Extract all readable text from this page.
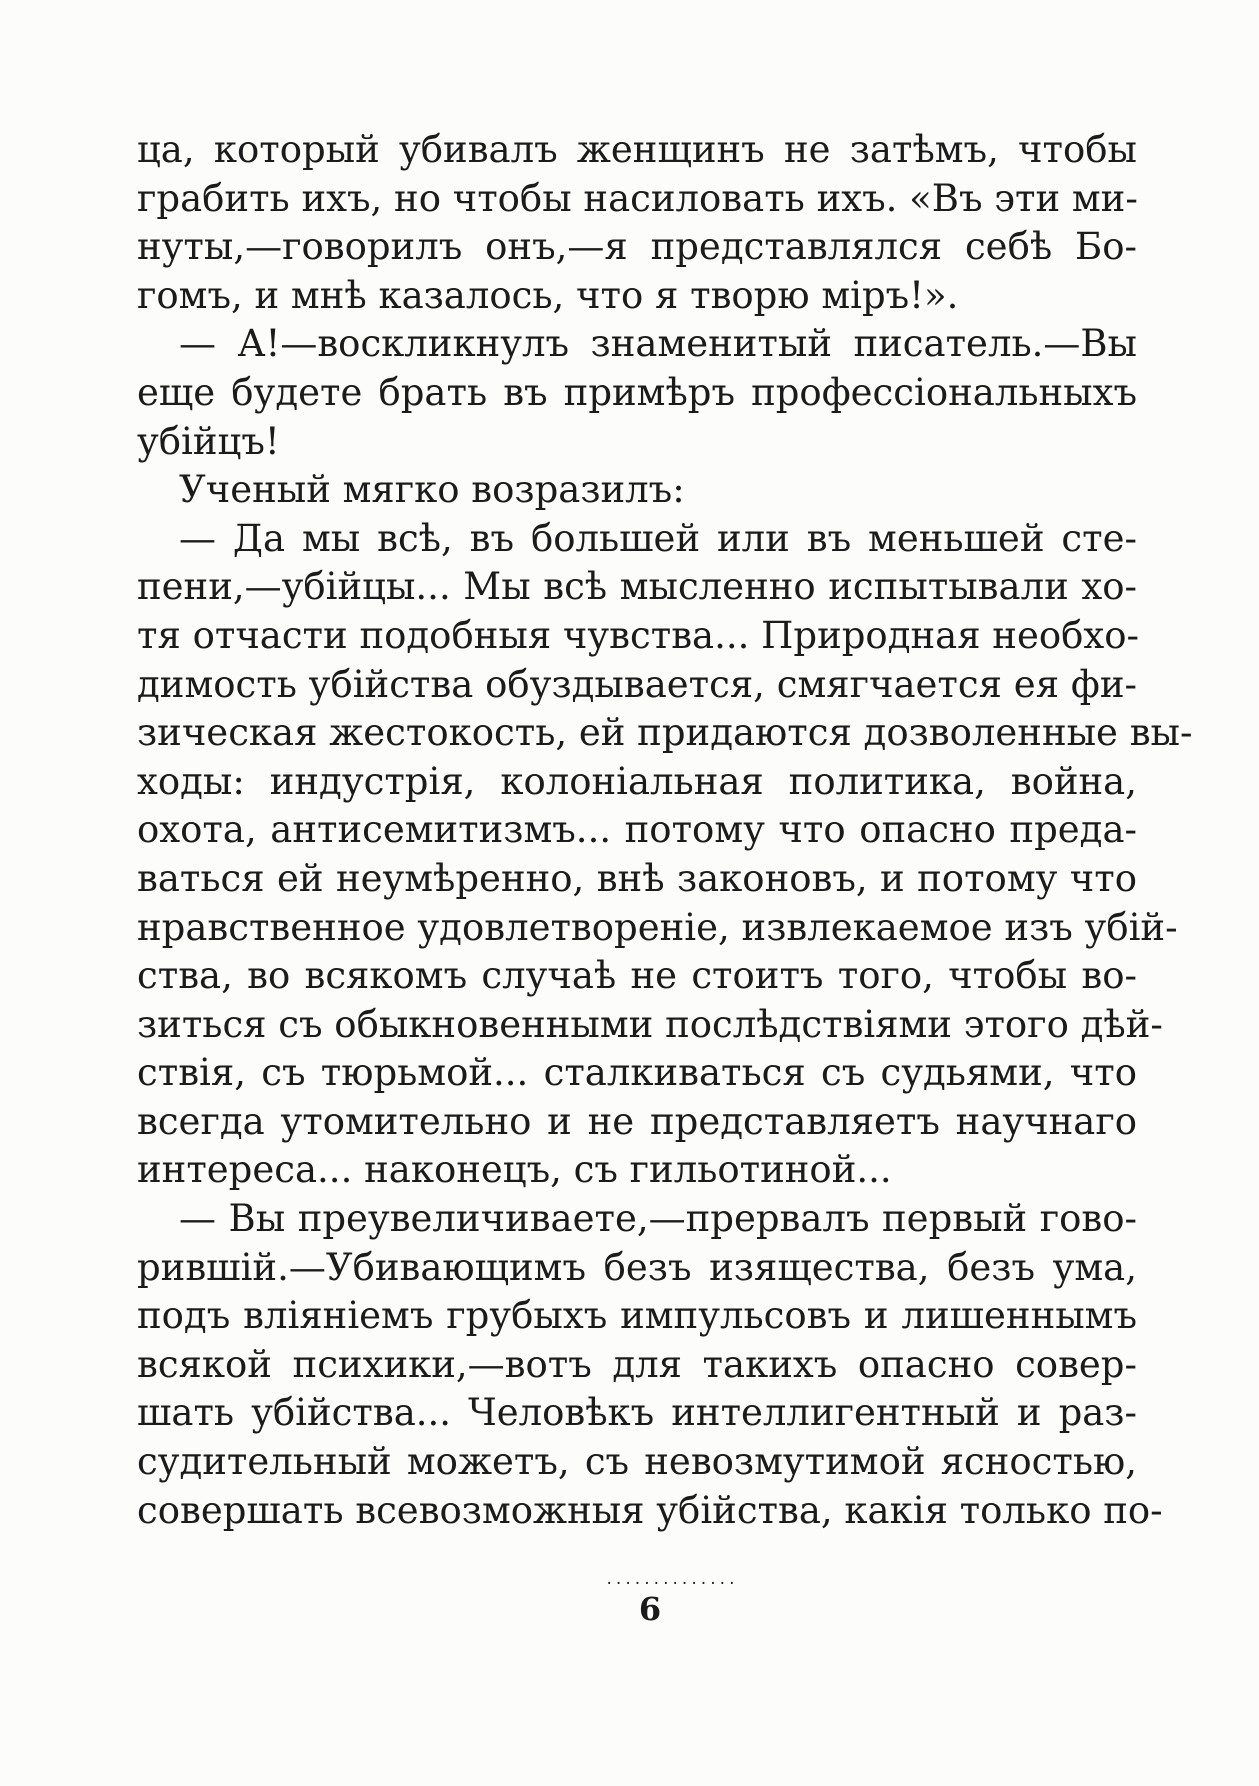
ца, который убивалъ женщинъ не затѣмъ, чтобы
грабить ихъ, но чтобы насиловать ихъ. «Въ эти ми-
нуты,—говорилъ онъ,—я представлялся себѣ Бо-
гомъ, и мнѣ казалось, что я творю міръ!».
— А!—воскликнулъ знаменитый писатель.—Вы
еще будете брать въ примѣръ профессіональныхъ
убійцъ!
Ученый мягко возразилъ:
— Да мы всѣ, въ большей или въ меньшей сте-
пени,—убійцы... Мы всѣ мысленно испытывали хо-
тя отчасти подобныя чувства... Природная необхо-
димость убійства обуздывается, смягчается ея фи-
зическая жестокость, ей придаются дозволенные вы-
ходы: индустрія, колоніальная политика, война,
охота, антисемитизмъ... потому что опасно преда-
ваться ей неумѣренно, внѣ законовъ, и потому что
нравственное удовлетвореніе, извлекаемое изъ убій-
ства, во всякомъ случаѣ не стоитъ того, чтобы во-
зиться съ обыкновенными послѣдствіями этого дѣй-
ствія, съ тюрьмой... сталкиваться съ судьями, что
всегда утомительно и не представляетъ научнаго
интереса... наконецъ, съ гильотиной...
— Вы преувеличиваете,—прервалъ первый гово-
рившій.—Убивающимъ безъ изящества, безъ ума,
подъ вліяніемъ грубыхъ импульсовъ и лишеннымъ
всякой психики,—вотъ для такихъ опасно совер-
шать убійства... Человѣкъ интеллигентный и раз-
судительный можетъ, съ невозмутимой ясностью,
совершать всевозможныя убійства, какія только по-
..............
6
